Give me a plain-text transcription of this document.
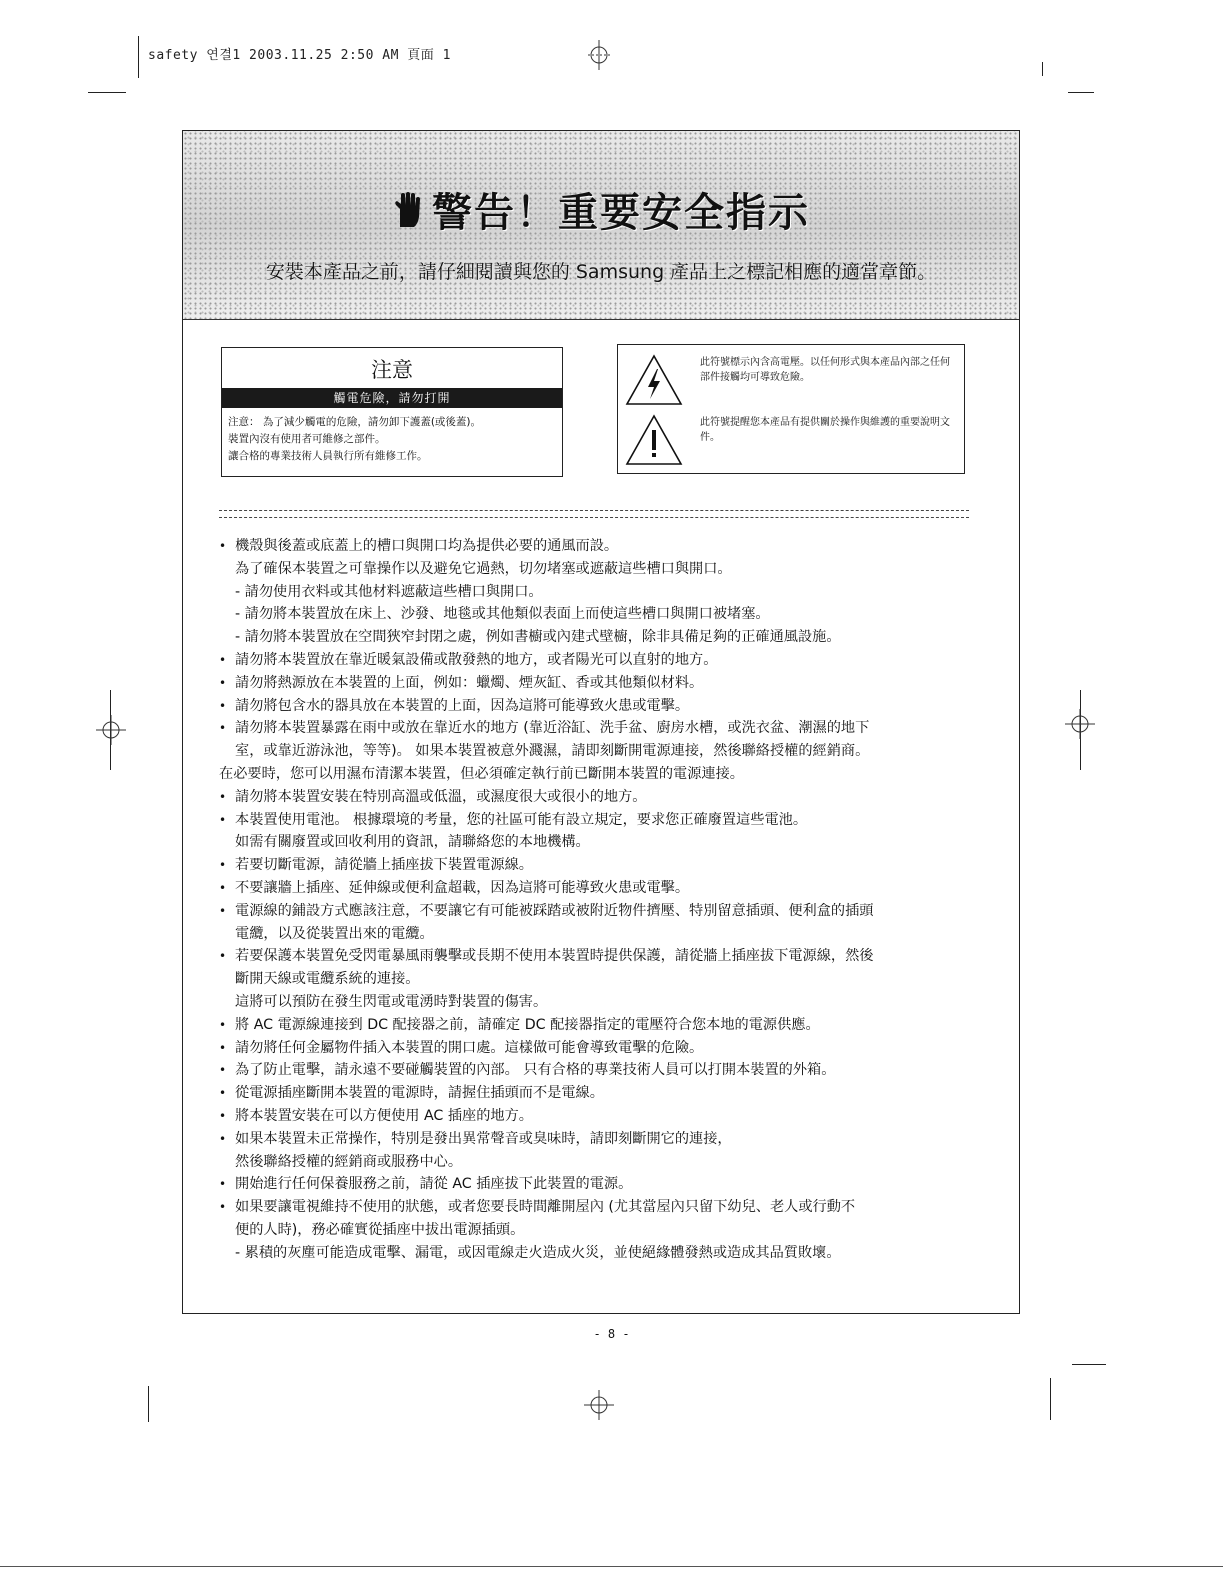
safety 연결1 2003.11.25 2:50 AM 頁面 1
警告！重要安全指示
安裝本產品之前，請仔細閱讀與您的 Samsung 產品上之標記相應的適當章節。
注意
觸電危險，請勿打開
注意： 為了減少觸電的危險，請勿卸下護蓋(或後蓋)。
裝置內沒有使用者可維修之部件。
讓合格的專業技術人員執行所有維修工作。
此符號標示內含高電壓。以任何形式與本產品內部之任何部件接觸均可導致危險。
此符號提醒您本產品有提供關於操作與維護的重要說明文件。
• 機殼與後蓋或底蓋上的槽口與開口均為提供必要的通風而設。
為了確保本裝置之可靠操作以及避免它過熱，切勿堵塞或遮蔽這些槽口與開口。
- 請勿使用衣料或其他材料遮蔽這些槽口與開口。
- 請勿將本裝置放在床上、沙發、地毯或其他類似表面上而使這些槽口與開口被堵塞。
- 請勿將本裝置放在空間狹窄封閉之處，例如書櫥或內建式壁櫥，除非具備足夠的正確通風設施。
• 請勿將本裝置放在靠近暖氣設備或散發熱的地方，或者陽光可以直射的地方。
• 請勿將熱源放在本裝置的上面，例如：蠟燭、煙灰缸、香或其他類似材料。
• 請勿將包含水的器具放在本裝置的上面，因為這將可能導致火患或電擊。
• 請勿將本裝置暴露在雨中或放在靠近水的地方 (靠近浴缸、洗手盆、廚房水槽，或洗衣盆、潮濕的地下
室，或靠近游泳池，等等)。 如果本裝置被意外濺濕，請即刻斷開電源連接，然後聯絡授權的經銷商。
在必要時，您可以用濕布清潔本裝置，但必須確定執行前已斷開本裝置的電源連接。
• 請勿將本裝置安裝在特別高溫或低溫，或濕度很大或很小的地方。
• 本裝置使用電池。 根據環境的考量，您的社區可能有設立規定，要求您正確廢置這些電池。
如需有關廢置或回收利用的資訊，請聯絡您的本地機構。
• 若要切斷電源，請從牆上插座拔下裝置電源線。
• 不要讓牆上插座、延伸線或便利盒超載，因為這將可能導致火患或電擊。
• 電源線的鋪設方式應該注意，不要讓它有可能被踩踏或被附近物件擠壓、特別留意插頭、便利盒的插頭
電纜，以及從裝置出來的電纜。
• 若要保護本裝置免受閃電暴風雨襲擊或長期不使用本裝置時提供保護，請從牆上插座拔下電源線，然後
斷開天線或電纜系統的連接。
這將可以預防在發生閃電或電湧時對裝置的傷害。
• 將 AC 電源線連接到 DC 配接器之前，請確定 DC 配接器指定的電壓符合您本地的電源供應。
• 請勿將任何金屬物件插入本裝置的開口處。這樣做可能會導致電擊的危險。
• 為了防止電擊，請永遠不要碰觸裝置的內部。 只有合格的專業技術人員可以打開本裝置的外箱。
• 從電源插座斷開本裝置的電源時，請握住插頭而不是電線。
• 將本裝置安裝在可以方便使用 AC 插座的地方。
• 如果本裝置未正常操作，特別是發出異常聲音或臭味時，請即刻斷開它的連接，
然後聯絡授權的經銷商或服務中心。
• 開始進行任何保養服務之前，請從 AC 插座拔下此裝置的電源。
• 如果要讓電視維持不使用的狀態，或者您要長時間離開屋內 (尤其當屋內只留下幼兒、老人或行動不
便的人時)，務必確實從插座中拔出電源插頭。
- 累積的灰塵可能造成電擊、漏電，或因電線走火造成火災，並使絕緣體發熱或造成其品質敗壞。
- 8 -
